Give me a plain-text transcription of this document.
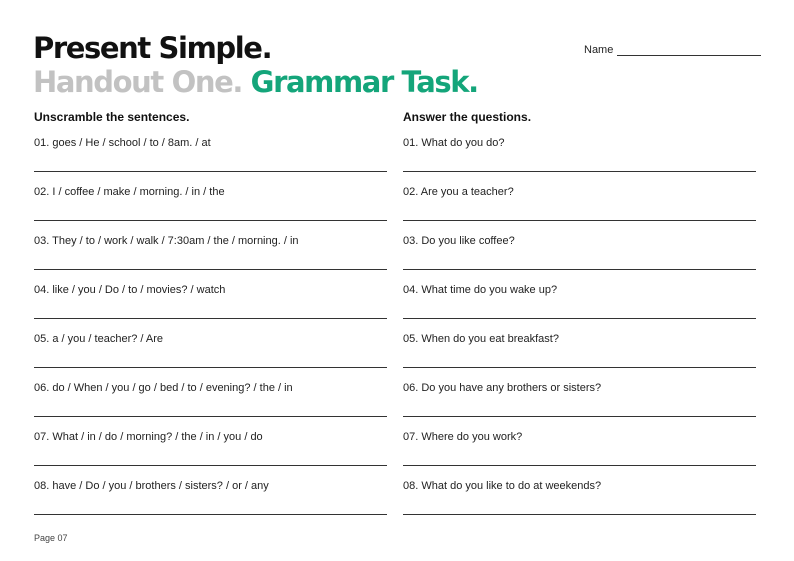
Present Simple.
Handout One. Grammar Task.
Name
Unscramble the sentences.
01. goes / He / school / to / 8am. / at
02. I / coffee / make / morning. / in / the
03. They / to / work / walk / 7:30am / the / morning. / in
04. like / you / Do / to / movies? / watch
05. a / you / teacher? / Are
06. do / When / you / go / bed / to / evening? / the / in
07. What / in / do / morning? / the / in / you / do
08. have / Do / you / brothers / sisters? / or / any
Answer the questions.
01. What do you do?
02. Are you a teacher?
03. Do you like coffee?
04. What time do you wake up?
05. When do you eat breakfast?
06. Do you have any brothers or sisters?
07. Where do you work?
08. What do you like to do at weekends?
Page 07
